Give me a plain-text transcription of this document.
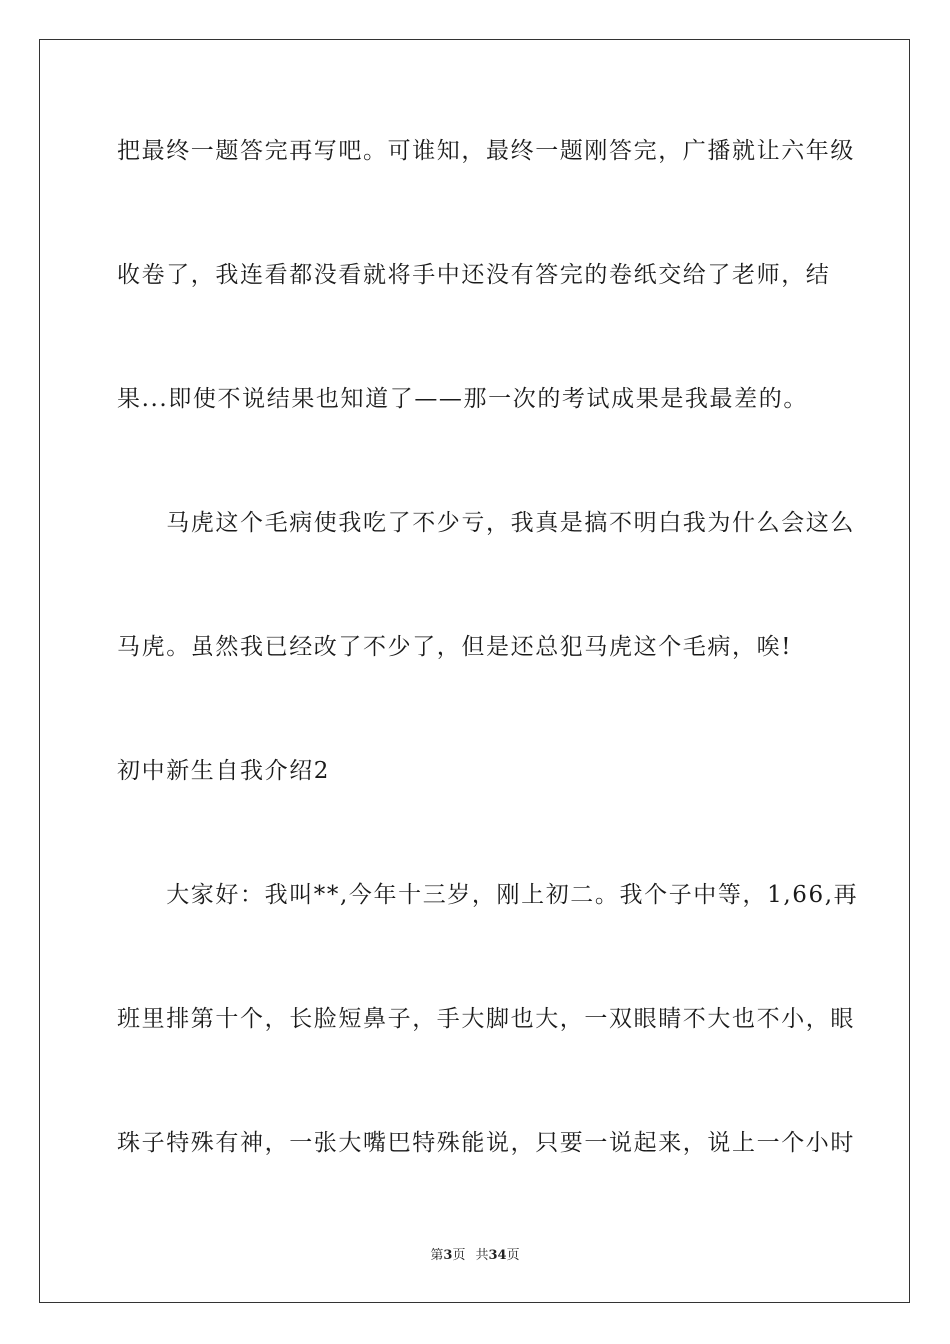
把最终一题答完再写吧。可谁知，最终一题刚答完，广播就让六年级
收卷了，我连看都没看就将手中还没有答完的卷纸交给了老师，结
果...即使不说结果也知道了——那一次的考试成果是我最差的。
　　马虎这个毛病使我吃了不少亏，我真是搞不明白我为什么会这么
马虎。虽然我已经改了不少了，但是还总犯马虎这个毛病，唉!
初中新生自我介绍2
　　大家好：我叫**,今年十三岁，刚上初二。我个子中等，1,66,再
班里排第十个，长脸短鼻子，手大脚也大，一双眼睛不大也不小，眼
珠子特殊有神，一张大嘴巴特殊能说，只要一说起来，说上一个小时
第3页 共34页
